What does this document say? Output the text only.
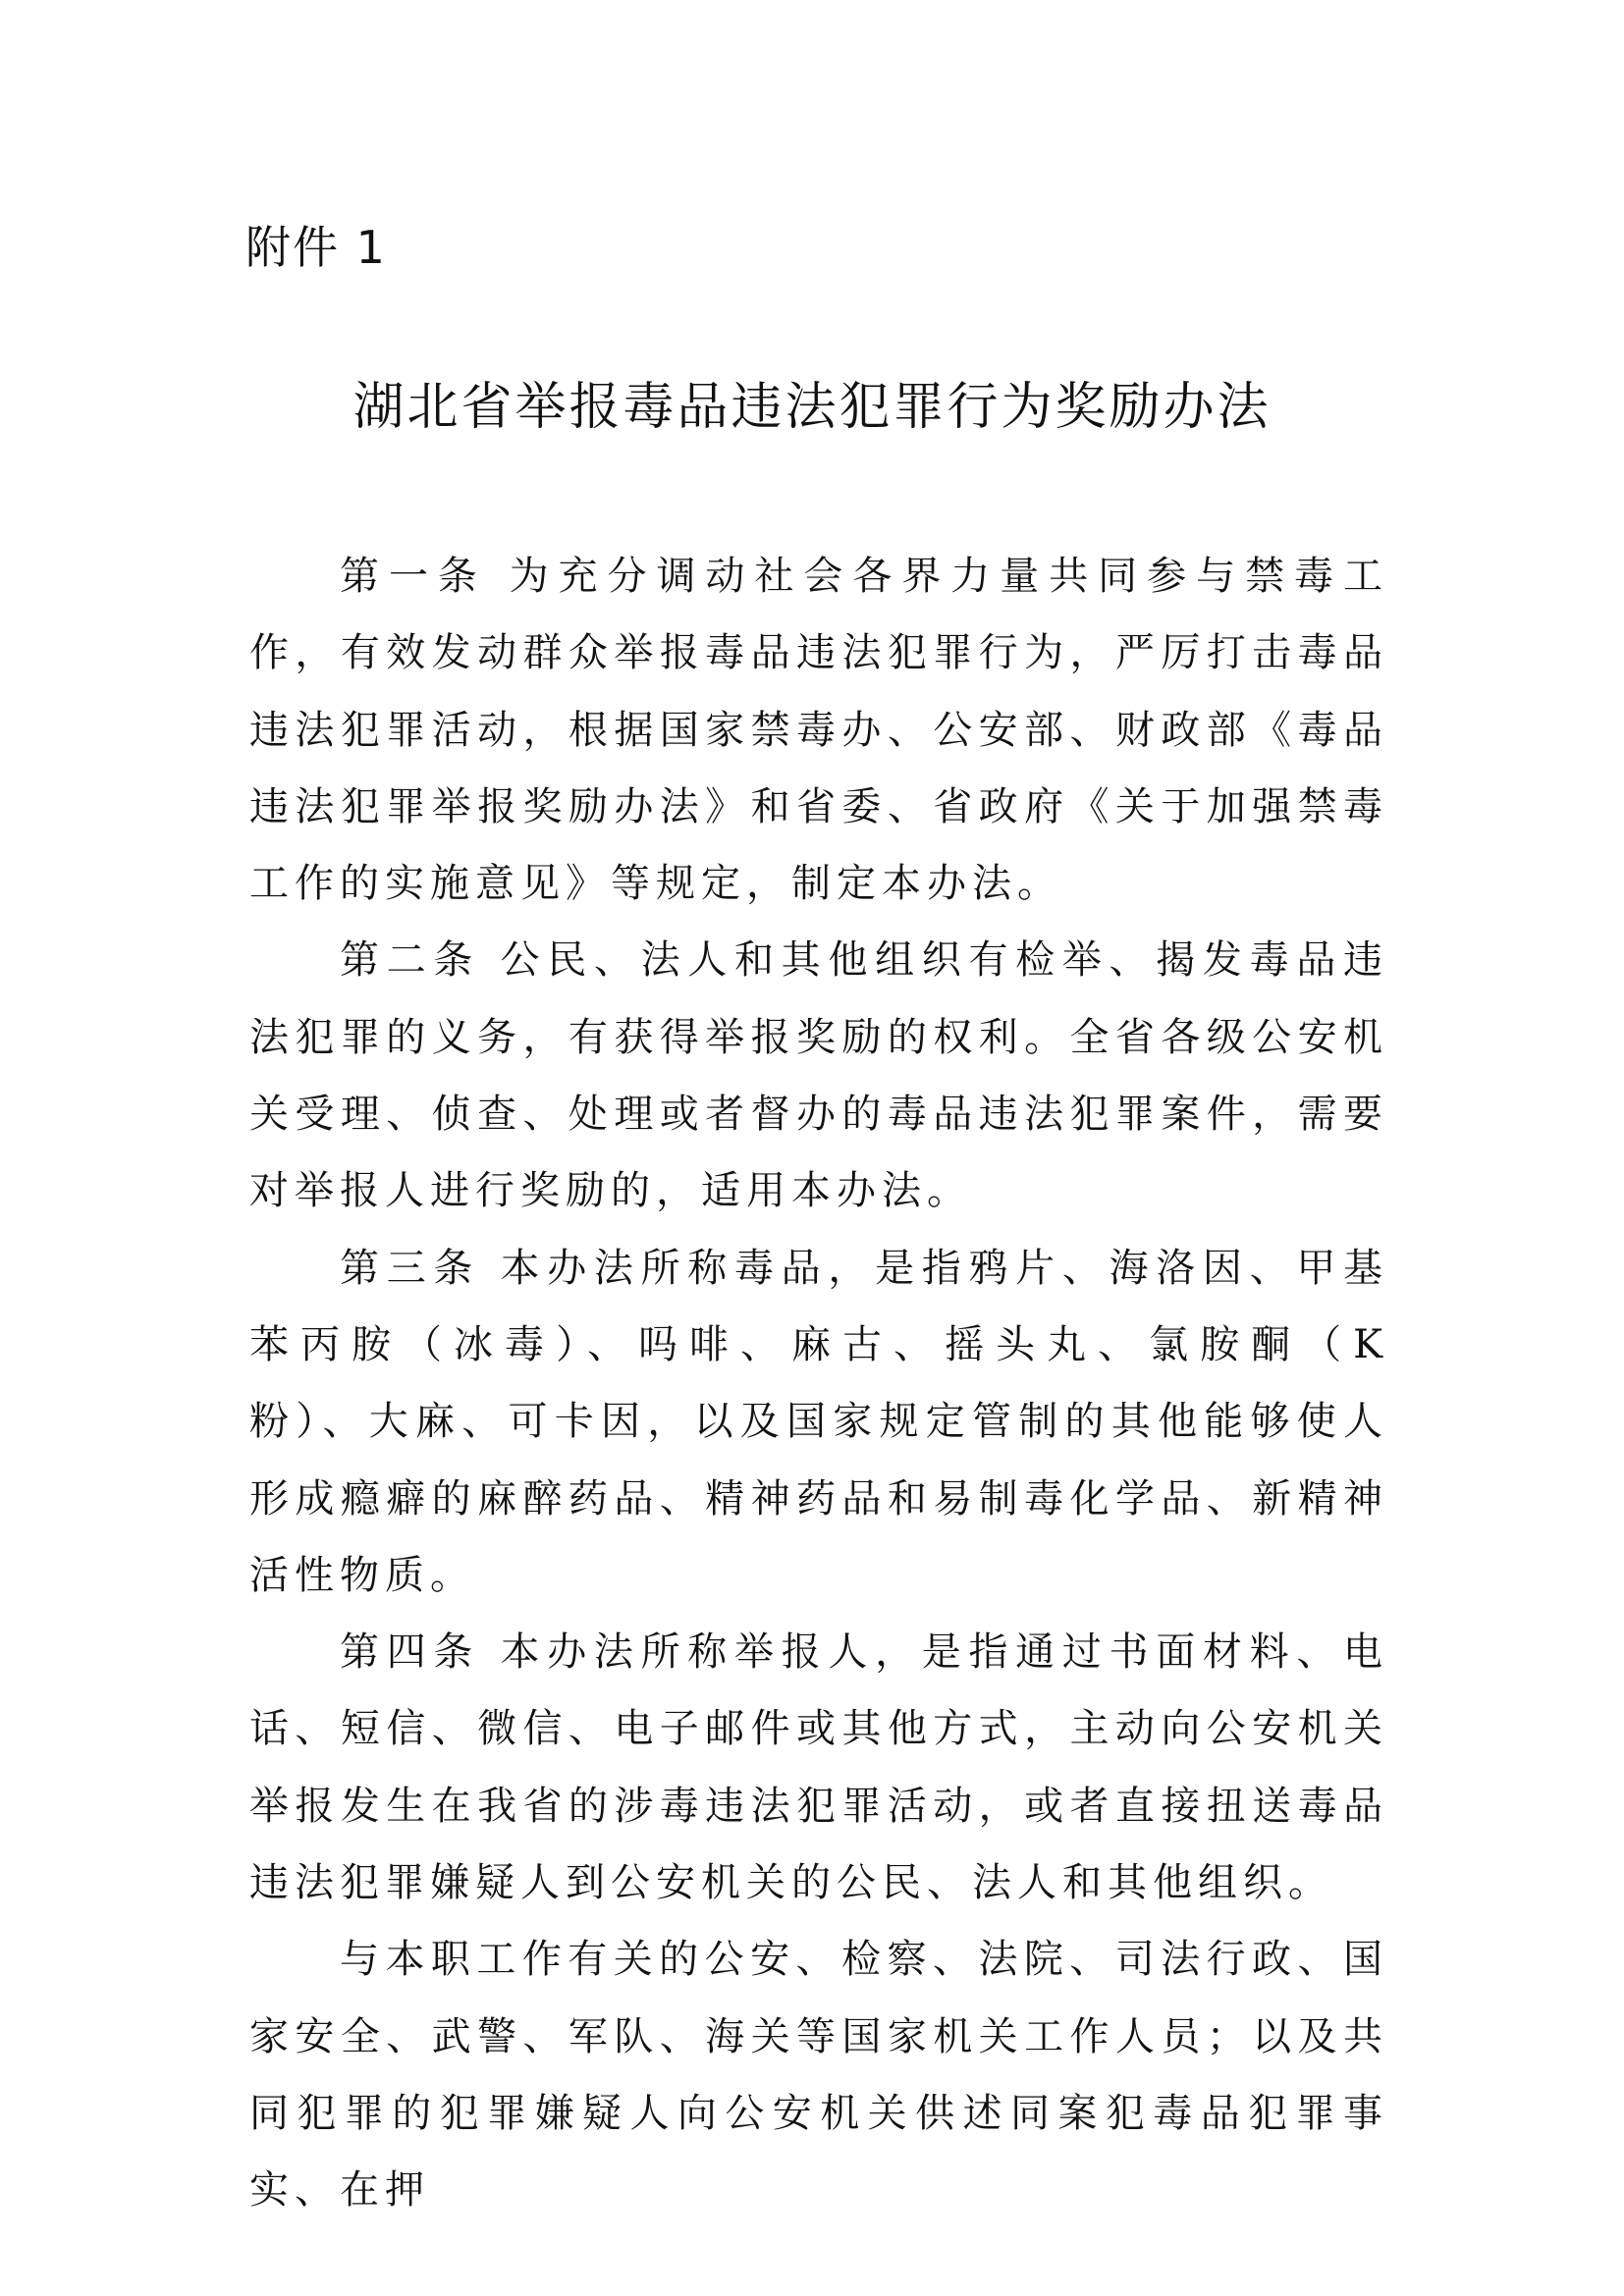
附件 1
湖北省举报毒品违法犯罪行为奖励办法

第一条 为充分调动社会各界力量共同参与禁毒工作，有效发动群众举报毒品违法犯罪行为，严厉打击毒品违法犯罪活动，根据国家禁毒办、公安部、财政部《毒品违法犯罪举报奖励办法》和省委、省政府《关于加强禁毒工作的实施意见》等规定，制定本办法。

第二条 公民、法人和其他组织有检举、揭发毒品违法犯罪的义务，有获得举报奖励的权利。全省各级公安机关受理、侦查、处理或者督办的毒品违法犯罪案件，需要对举报人进行奖励的，适用本办法。

第三条 本办法所称毒品，是指鸦片、海洛因、甲基苯丙胺（冰毒）、吗啡、麻古、摇头丸、氯胺酮（K 粉）、大麻、可卡因，以及国家规定管制的其他能够使人形成瘾癖的麻醉药品、精神药品和易制毒化学品、新精神活性物质。

第四条 本办法所称举报人，是指通过书面材料、电话、短信、微信、电子邮件或其他方式，主动向公安机关举报发生在我省的涉毒违法犯罪活动，或者直接扭送毒品违法犯罪嫌疑人到公安机关的公民、法人和其他组织。

与本职工作有关的公安、检察、法院、司法行政、国家安全、武警、军队、海关等国家机关工作人员；以及共同犯罪的犯罪嫌疑人向公安机关供述同案犯毒品犯罪事实、在押
